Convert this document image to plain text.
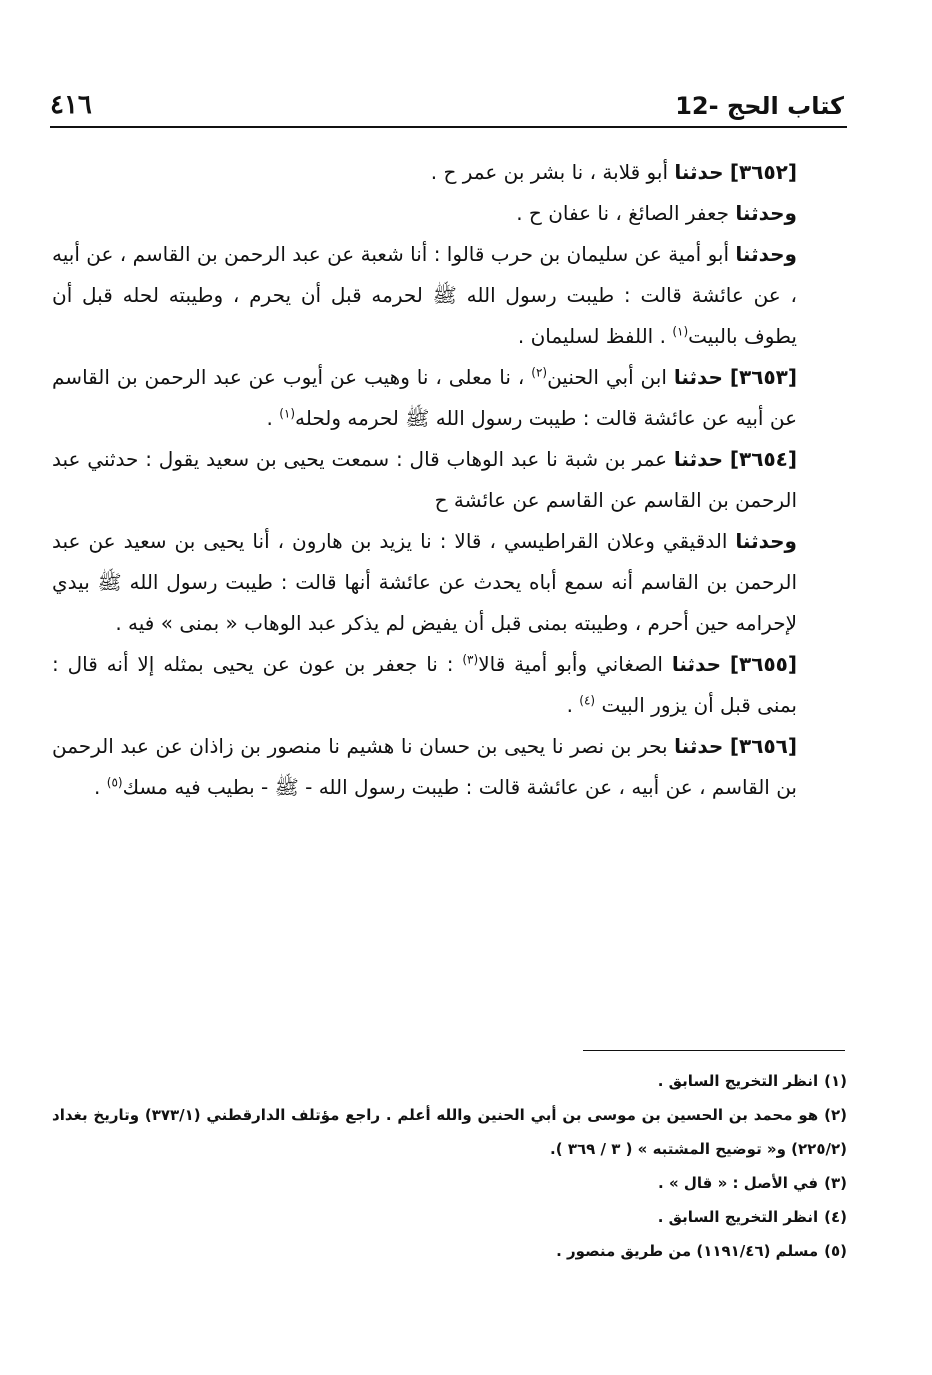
٤١٦	12- كتاب الحج

[٣٦٥٢] حدثنا أبو قلابة ، نا بشر بن عمر ح .

وحدثنا جعفر الصائغ ، نا عفان ح .

وحدثنا أبو أمية عن سليمان بن حرب قالوا : أنا شعبة عن عبد الرحمن بن القاسم ، عن أبيه ، عن عائشة قالت : طيبت رسول الله ﷺ لحرمه قبل أن يحرم ، وطيبته لحله قبل أن يطوف بالبيت$^{(١)}$ . اللفظ لسليمان .

[٣٦٥٣] حدثنا ابن أبي الحنين$^{(٢)}$ ، نا معلى ، نا وهيب عن أيوب عن عبد الرحمن بن القاسم عن أبيه عن عائشة قالت : طيبت رسول الله ﷺ لحرمه ولحله$^{(١)}$ .

[٣٦٥٤] حدثنا عمر بن شبة نا عبد الوهاب قال : سمعت يحيى بن سعيد يقول : حدثني عبد الرحمن بن القاسم عن القاسم عن عائشة ح

وحدثنا الدقيقي وعلان القراطيسي ، قالا : نا يزيد بن هارون ، أنا يحيى بن سعيد عن عبد الرحمن بن القاسم أنه سمع أباه يحدث عن عائشة أنها قالت : طيبت رسول الله ﷺ بيدي لإحرامه حين أحرم ، وطيبته بمنى قبل أن يفيض لم يذكر عبد الوهاب « بمنى » فيه .

[٣٦٥٥] حدثنا الصغاني وأبو أمية قالا$^{(٣)}$ : نا جعفر بن عون عن يحيى بمثله إلا أنه قال : بمنى قبل أن يزور البيت $^{(٤)}$ .

[٣٦٥٦] حدثنا بحر بن نصر نا يحيى بن حسان نا هشيم نا منصور بن زاذان عن عبد الرحمن بن القاسم ، عن أبيه ، عن عائشة قالت : طيبت رسول الله - ﷺ - بطيب فيه مسك$^{(٥)}$ .

(١)انظر التخريج السابق .

(٢)هو محمد بن الحسين بن موسى بن أبي الحنين والله أعلم . راجع مؤتلف الدارقطني (٣٧٣/١) وتاريخ بغداد (٢٢٥/٢) و« توضيح المشتبه » ( ٣ / ٣٦٩ ).

(٣)في الأصل : « قال » .

(٤)انظر التخريج السابق .

(٥)مسلم (١١٩١/٤٦) من طريق منصور .
